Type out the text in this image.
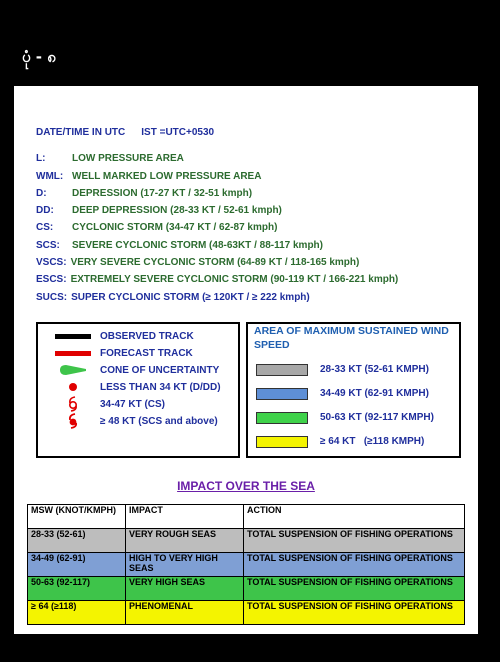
ပုံ - ၈
DATE/TIME IN UTC IST =UTC+0530
L:	LOW PRESSURE AREA
WML: WELL MARKED LOW PRESSURE AREA
D:	DEPRESSION (17-27 KT / 32-51 kmph)
DD: DEEP DEPRESSION (28-33 KT / 52-61 kmph)
CS: CYCLONIC STORM (34-47 KT / 62-87 kmph)
SCS: SEVERE CYCLONIC STORM (48-63KT / 88-117 kmph)
VSCS: VERY SEVERE CYCLONIC STORM (64-89 KT / 118-165 kmph)
ESCS: EXTREMELY SEVERE CYCLONIC STORM (90-119 KT / 166-221 kmph)
SUCS: SUPER CYCLONIC STORM (≥ 120KT / ≥ 222 kmph)
OBSERVED TRACK
FORECAST TRACK
CONE OF UNCERTAINTY
LESS THAN 34 KT (D/DD)
34-47 KT (CS)
≥ 48 KT (SCS and above)
AREA OF MAXIMUM SUSTAINED WIND SPEED
28-33 KT (52-61 KMPH)
34-49 KT (62-91 KMPH)
50-63 KT (92-117 KMPH)
≥ 64 KT   (≥118 KMPH)
IMPACT OVER THE SEA
MSW (KNOT/KMPH)	IMPACT	ACTION
28-33 (52-61)	VERY ROUGH SEAS	TOTAL SUSPENSION OF FISHING OPERATIONS
34-49 (62-91)	HIGH TO VERY HIGH SEAS	TOTAL SUSPENSION OF FISHING OPERATIONS
50-63 (92-117)	VERY HIGH SEAS	TOTAL SUSPENSION OF FISHING OPERATIONS
≥ 64 (≥118)	PHENOMENAL	TOTAL SUSPENSION OF FISHING OPERATIONS
